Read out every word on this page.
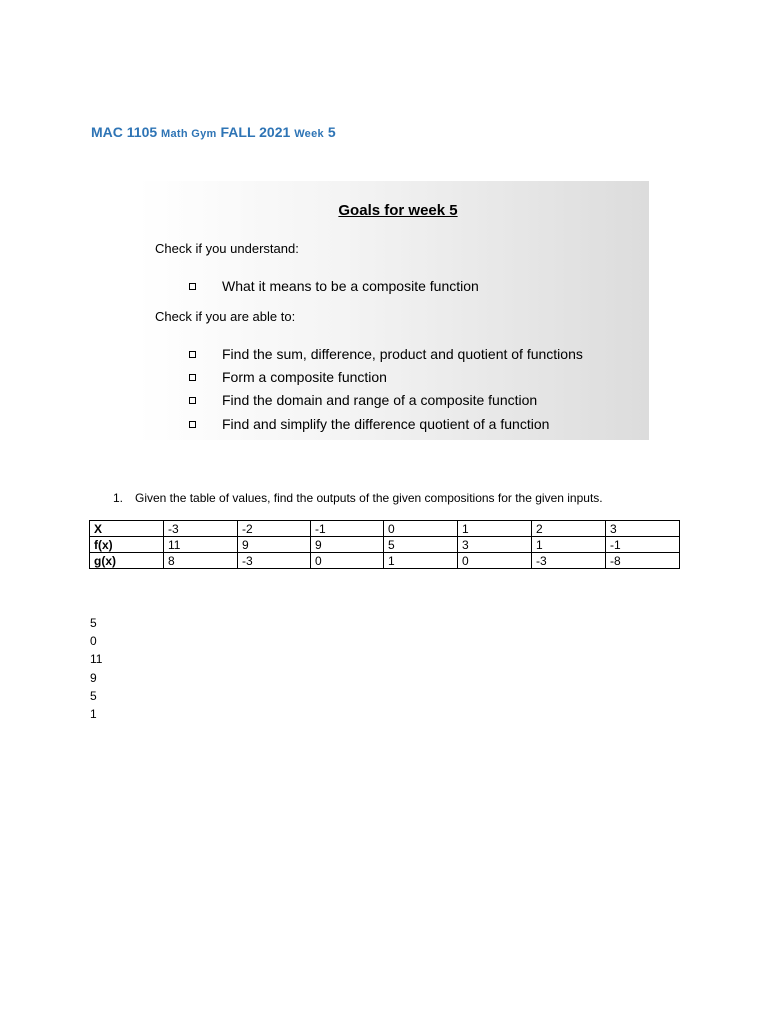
MAC 1105 Math Gym FALL 2021 Week 5
Goals for week 5
Check if you understand:
What it means to be a composite function
Check if you are able to:
Find the sum, difference, product and quotient of functions
Form a composite function
Find the domain and range of a composite function
Find and simplify the difference quotient of a function
1. Given the table of values, find the outputs of the given compositions for the given inputs.
X	-3	-2	-1	0	1	2	3
f(x)	11	9	9	5	3	1	-1
g(x)	8	-3	0	1	0	-3	-8
5
0
11
9
5
1
